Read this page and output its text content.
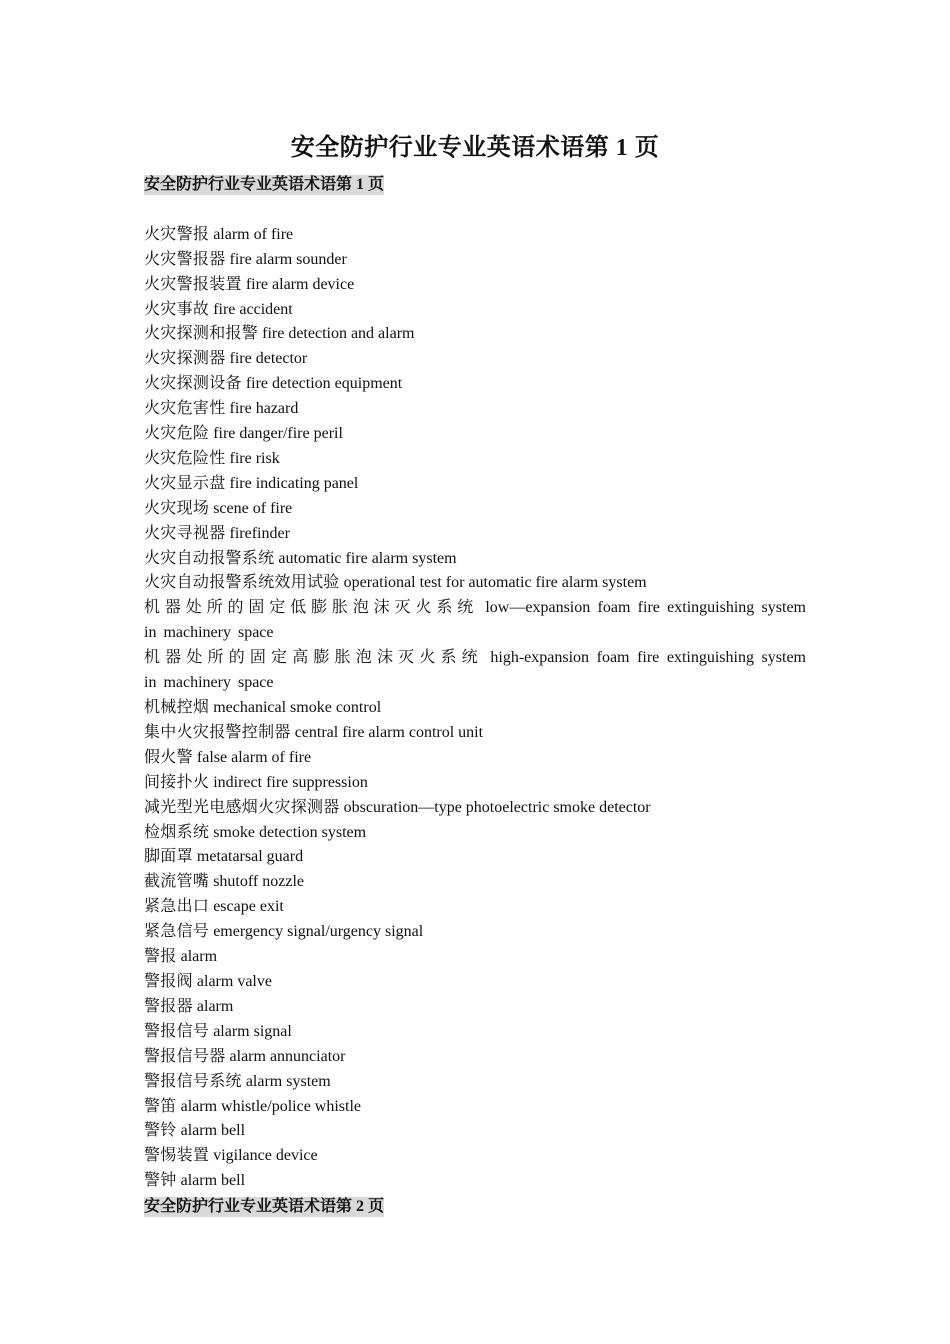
安全防护行业专业英语术语第 1 页
安全防护行业专业英语术语第 1 页
火灾警报 alarm of fire
火灾警报器 fire alarm sounder
火灾警报装置 fire alarm device
火灾事故 fire accident
火灾探测和报警 fire detection and alarm
火灾探测器 fire detector
火灾探测设备 fire detection equipment
火灾危害性 fire hazard
火灾危险 fire danger/fire peril
火灾危险性 fire risk
火灾显示盘 fire indicating panel
火灾现场 scene of fire
火灾寻视器 firefinder
火灾自动报警系统 automatic fire alarm system
火灾自动报警系统效用试验 operational test for automatic fire alarm system
机器处所的固定低膨胀泡沫灭火系统 low—expansion foam fire extinguishing system in machinery space
机器处所的固定高膨胀泡沫灭火系统 high-expansion foam fire extinguishing system in machinery space
机械控烟 mechanical smoke control
集中火灾报警控制器 central fire alarm control unit
假火警 false alarm of fire
间接扑火 indirect fire suppression
减光型光电感烟火灾探测器 obscuration—type photoelectric smoke detector
检烟系统 smoke detection system
脚面罩 metatarsal guard
截流管嘴 shutoff nozzle
紧急出口 escape exit
紧急信号 emergency signal/urgency signal
警报 alarm
警报阀 alarm valve
警报器 alarm
警报信号 alarm signal
警报信号器 alarm annunciator
警报信号系统 alarm system
警笛 alarm whistle/police whistle
警铃 alarm bell
警惕装置 vigilance device
警钟 alarm bell
安全防护行业专业英语术语第 2 页
